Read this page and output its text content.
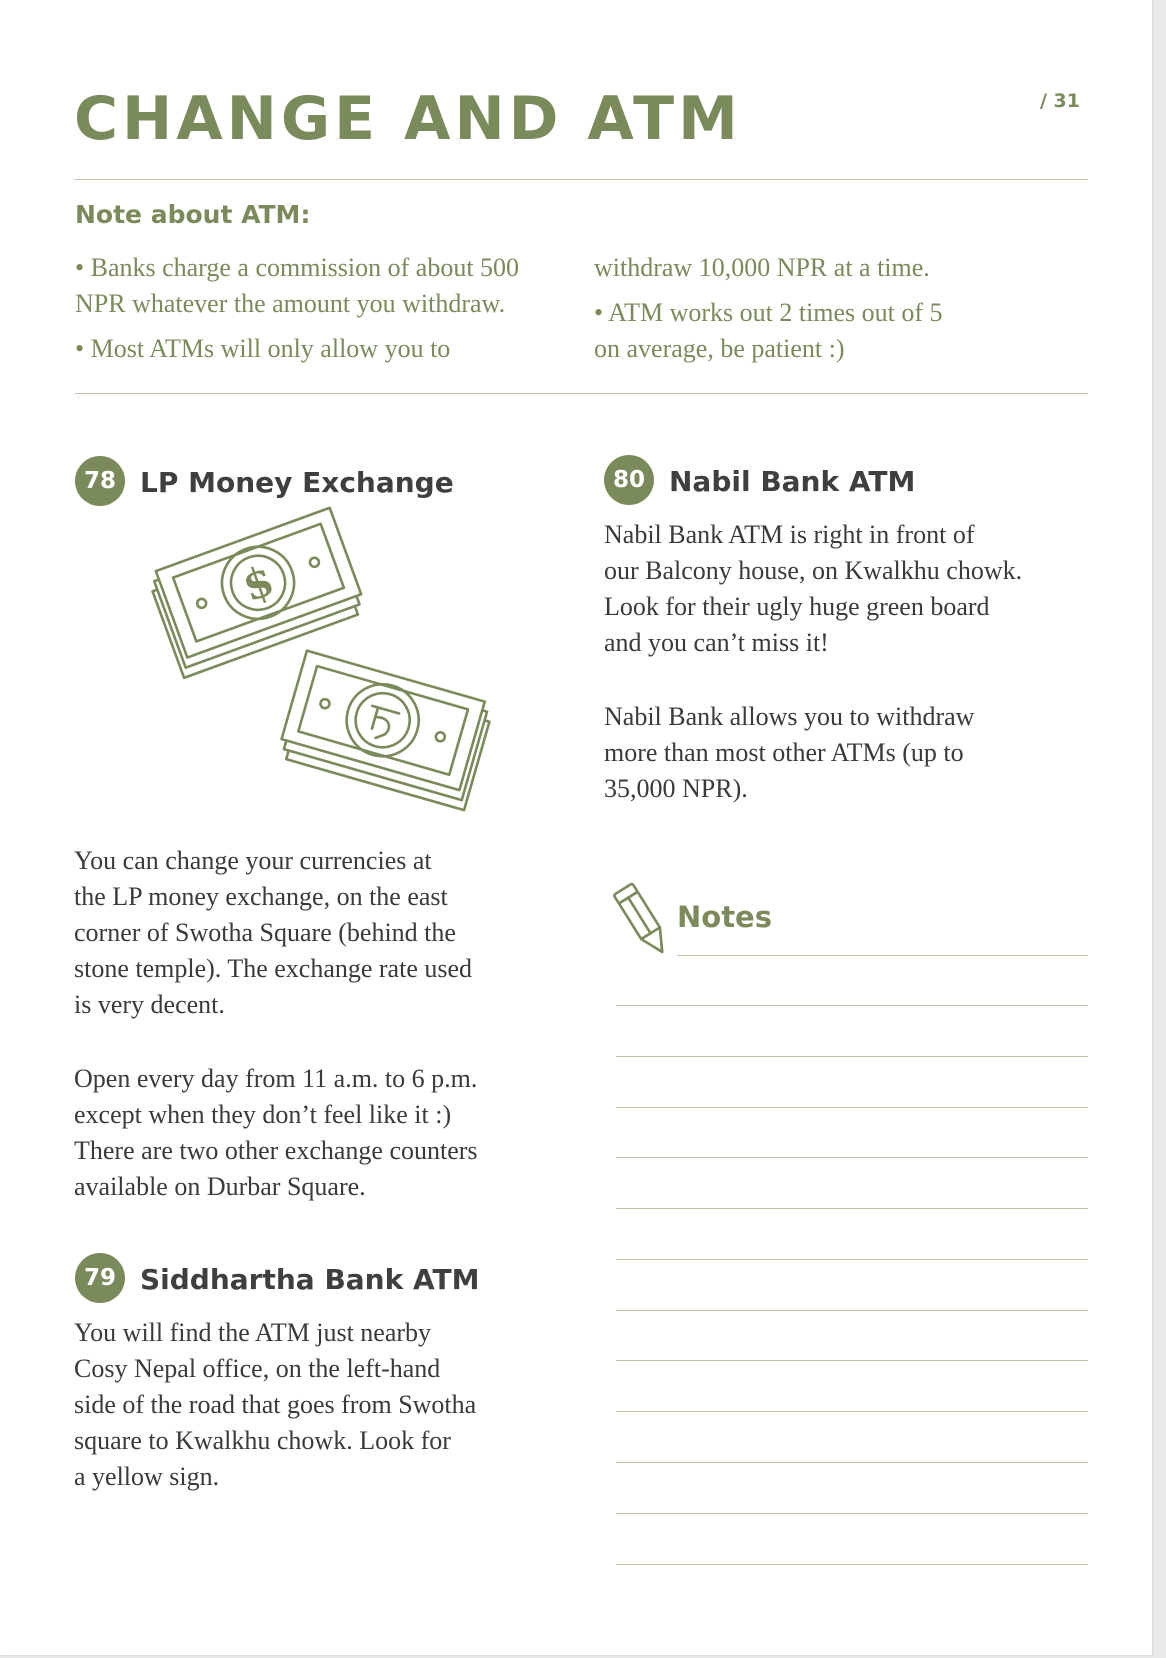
CHANGE AND ATM	/ 31
Note about ATM:

• Banks charge a commission of about 500

NPR whatever the amount you withdraw.

• Most ATMs will only allow you to

withdraw 10,000 NPR at a time.

• ATM works out 2 times out of 5

on average, be patient :)

78 LP Money Exchange
$

You can change your currencies at

the LP money exchange, on the east

corner of Swotha Square (behind the

stone temple). The exchange rate used

is very decent.

Open every day from 11 a.m. to 6 p.m.

except when they don’t feel like it :)

There are two other exchange counters

available on Durbar Square.

79 Siddhartha Bank ATM

You will find the ATM just nearby

Cosy Nepal office, on the left-hand

side of the road that goes from Swotha

square to Kwalkhu chowk. Look for

a yellow sign.

80 Nabil Bank ATM

Nabil Bank ATM is right in front of

our Balcony house, on Kwalkhu chowk.

Look for their ugly huge green board

and you can’t miss it!

Nabil Bank allows you to withdraw

more than most other ATMs (up to

35,000 NPR).

Notes
